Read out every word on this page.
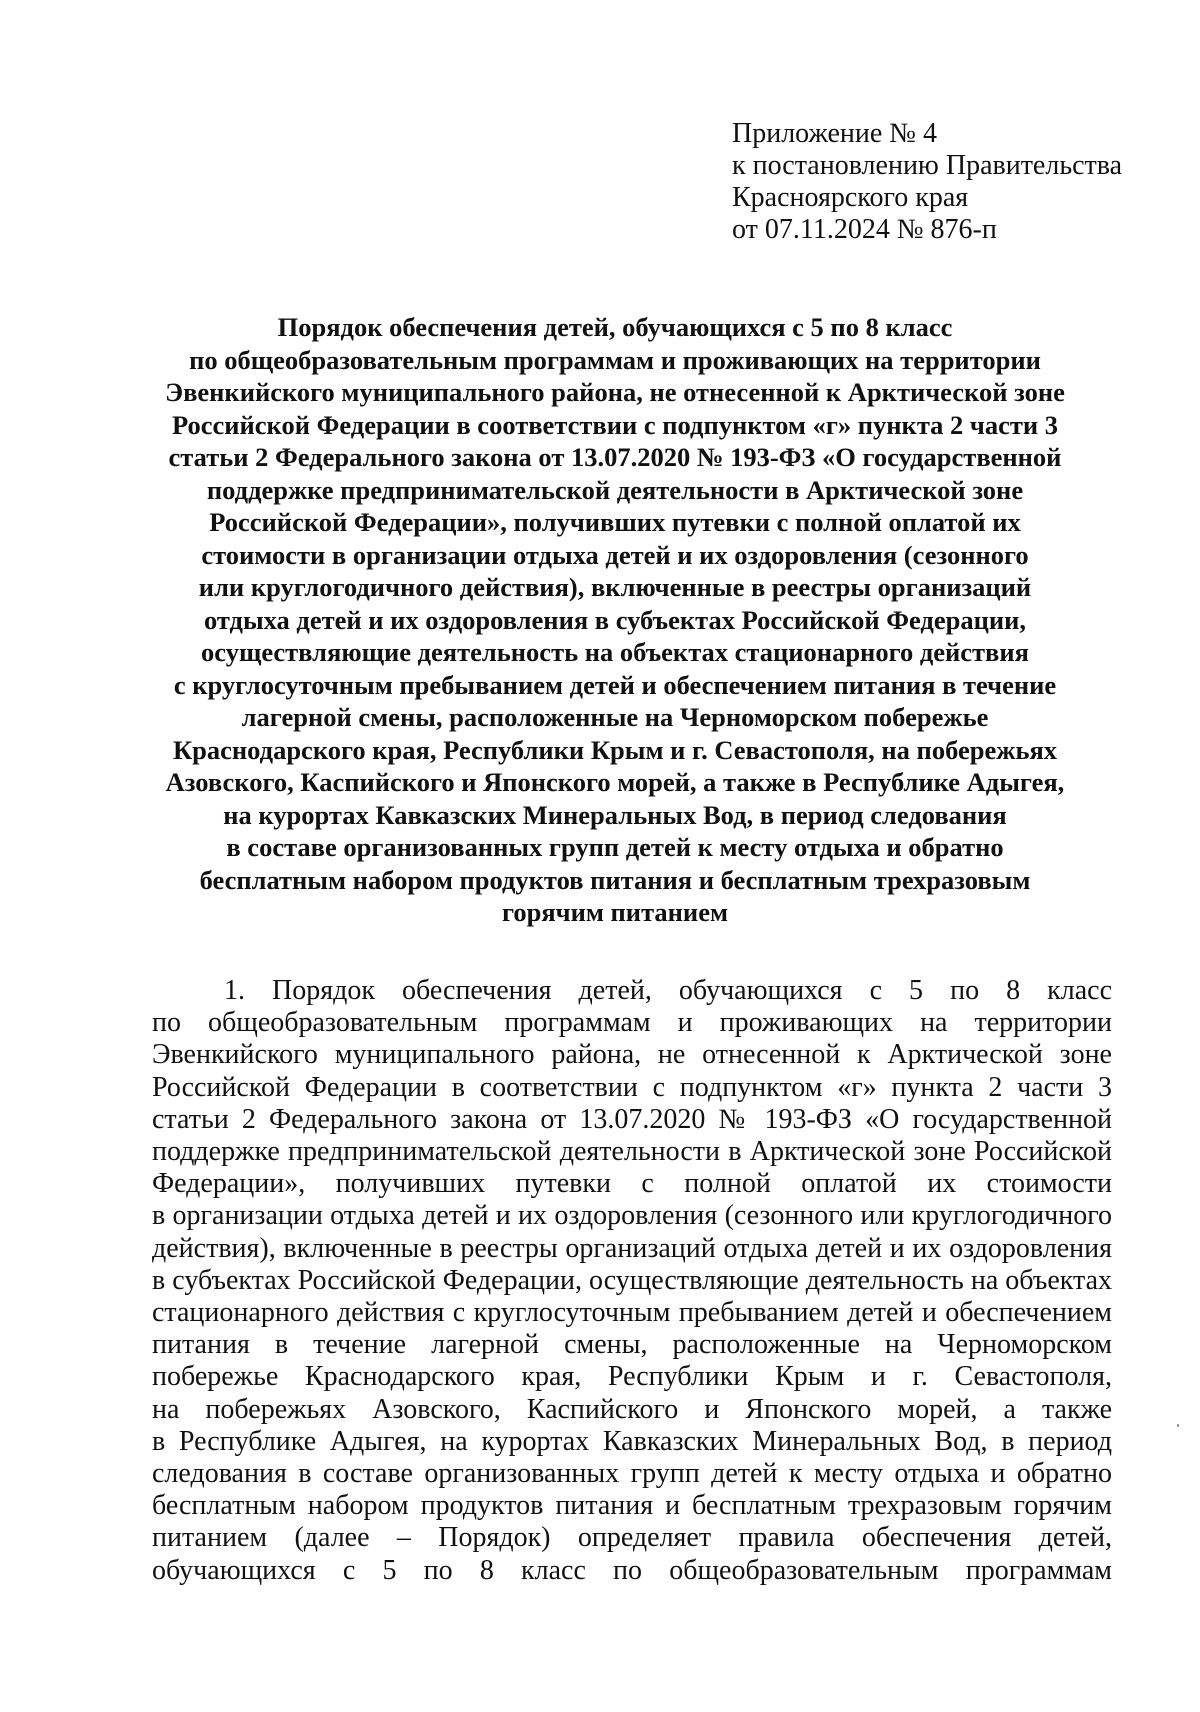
Приложение № 4
к постановлению Правительства
Красноярского края
от 07.11.2024 № 876-п
Порядок обеспечения детей, обучающихся с 5 по 8 класс
по общеобразовательным программам и проживающих на территории
Эвенкийского муниципального района, не отнесенной к Арктической зоне
Российской Федерации в соответствии с подпунктом «г» пункта 2 части 3
статьи 2 Федерального закона от 13.07.2020 № 193-ФЗ «О государственной
поддержке предпринимательской деятельности в Арктической зоне
Российской Федерации», получивших путевки с полной оплатой их
стоимости в организации отдыха детей и их оздоровления (сезонного
или круглогодичного действия), включенные в реестры организаций
отдыха детей и их оздоровления в субъектах Российской Федерации,
осуществляющие деятельность на объектах стационарного действия
с круглосуточным пребыванием детей и обеспечением питания в течение
лагерной смены, расположенные на Черноморском побережье
Краснодарского края, Республики Крым и г. Севастополя, на побережьях
Азовского, Каспийского и Японского морей, а также в Республике Адыгея,
на курортах Кавказских Минеральных Вод, в период следования
в составе организованных групп детей к месту отдыха и обратно
бесплатным набором продуктов питания и бесплатным трехразовым
горячим питанием
1. Порядок обеспечения детей, обучающихся с 5 по 8 класс
по общеобразовательным программам и проживающих на территории
Эвенкийского муниципального района, не отнесенной к Арктической зоне
Российской Федерации в соответствии с подпунктом «г» пункта 2 части 3
статьи 2 Федерального закона от 13.07.2020 № 193-ФЗ «О государственной
поддержке предпринимательской деятельности в Арктической зоне Российской
Федерации», получивших путевки с полной оплатой их стоимости
в организации отдыха детей и их оздоровления (сезонного или круглогодичного
действия), включенные в реестры организаций отдыха детей и их оздоровления
в субъектах Российской Федерации, осуществляющие деятельность на объектах
стационарного действия с круглосуточным пребыванием детей и обеспечением
питания в течение лагерной смены, расположенные на Черноморском
побережье Краснодарского края, Республики Крым и г. Севастополя,
на побережьях Азовского, Каспийского и Японского морей, а также
в Республике Адыгея, на курортах Кавказских Минеральных Вод, в период
следования в составе организованных групп детей к месту отдыха и обратно
бесплатным набором продуктов питания и бесплатным трехразовым горячим
питанием (далее – Порядок) определяет правила обеспечения детей,
обучающихся с 5 по 8 класс по общеобразовательным программам
